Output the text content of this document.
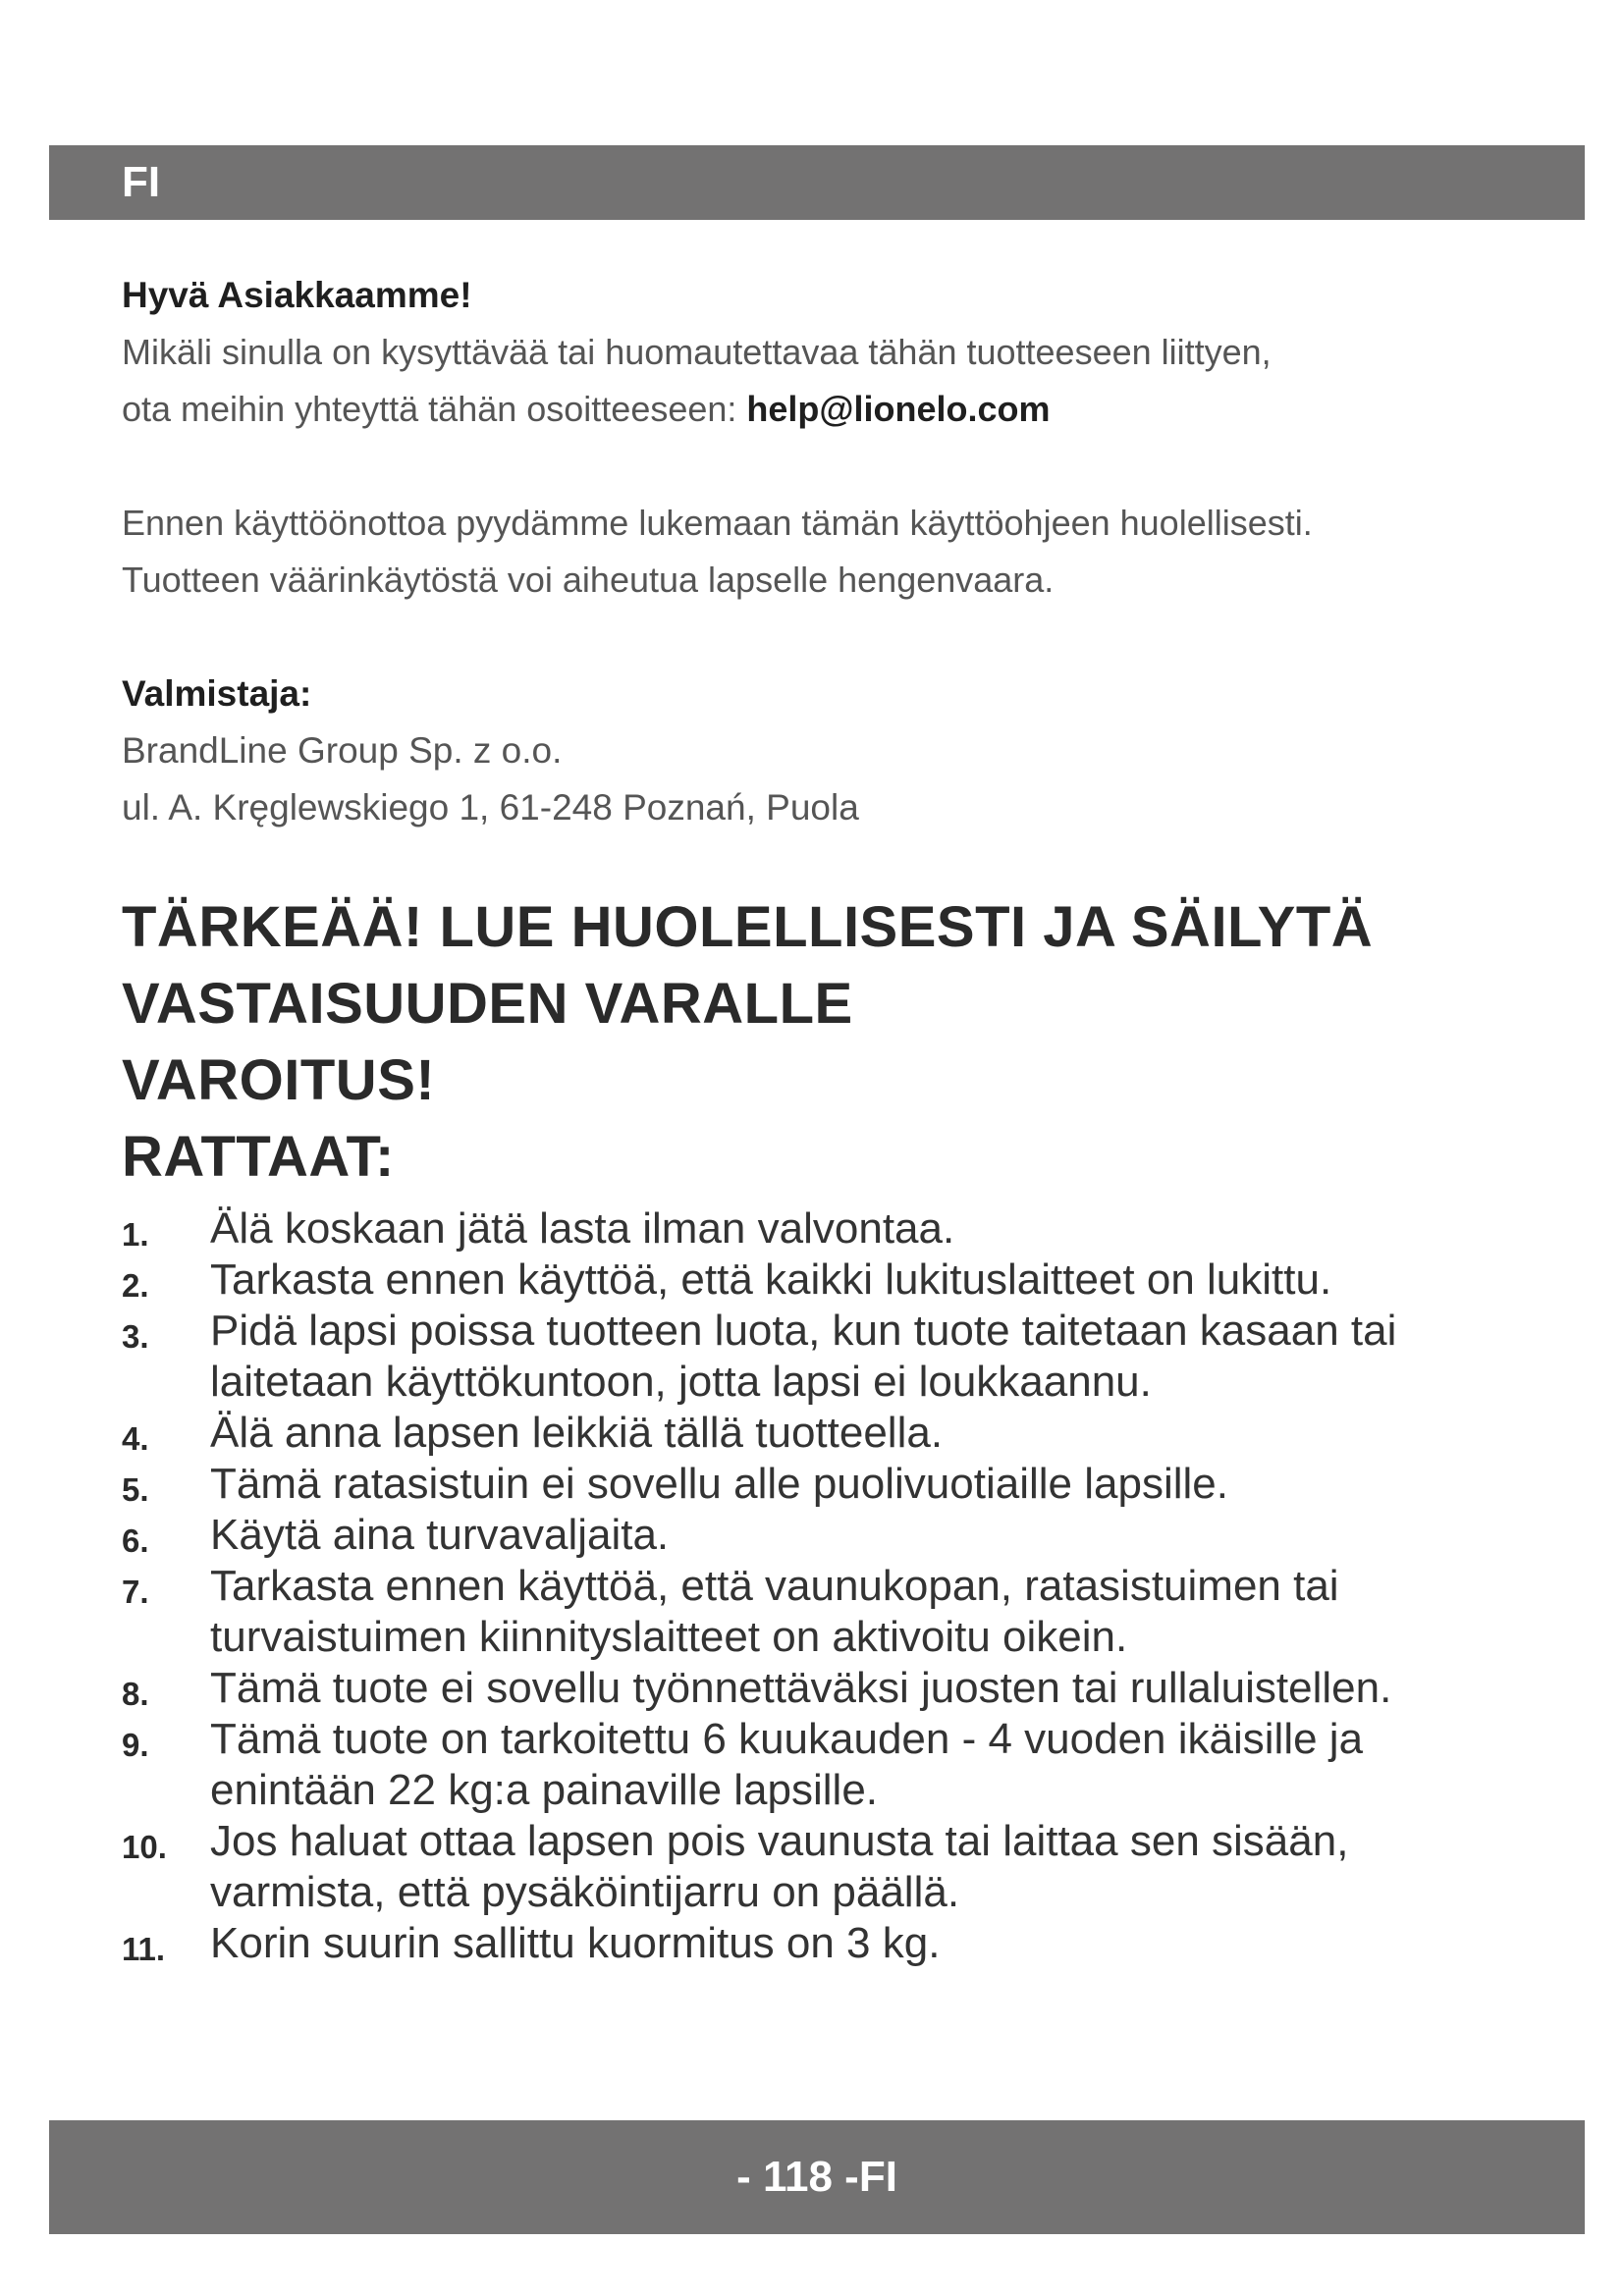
FI

Hyvä Asiakkaamme!

Mikäli sinulla on kysyttävää tai huomautettavaa tähän tuotteeseen liittyen,

ota meihin yhteyttä tähän osoitteeseen: help@lionelo.com

Ennen käyttöönottoa pyydämme lukemaan tämän käyttöohjeen huolellisesti.

Tuotteen väärinkäytöstä voi aiheutua lapselle hengenvaara.

Valmistaja:

BrandLine Group Sp. z o.o.

ul. A. Kręglewskiego 1, 61-248 Poznań, Puola

TÄRKEÄÄ! LUE HUOLELLISESTI JA SÄILYTÄ

VASTAISUUDEN VARALLE

VAROITUS!

RATTAAT:

1. Älä koskaan jätä lasta ilman valvontaa.
2. Tarkasta ennen käyttöä, että kaikki lukituslaitteet on lukittu.
3. Pidä lapsi poissa tuotteen luota, kun tuote taitetaan kasaan tai laitetaan käyttökuntoon, jotta lapsi ei loukkaannu.
4. Älä anna lapsen leikkiä tällä tuotteella.
5. Tämä ratasistuin ei sovellu alle puolivuotiaille lapsille.
6. Käytä aina turvavaljaita.
7. Tarkasta ennen käyttöä, että vaunukopan, ratasistuimen tai turvaistuimen kiinnityslaitteet on aktivoitu oikein.
8. Tämä tuote ei sovellu työnnettäväksi juosten tai rullaluistellen.
9. Tämä tuote on tarkoitettu 6 kuukauden - 4 vuoden ikäisille ja enintään 22 kg:a painaville lapsille.
10. Jos haluat ottaa lapsen pois vaunusta tai laittaa sen sisään, varmista, että pysäköintijarru on päällä.
11. Korin suurin sallittu kuormitus on 3 kg.
- 118 -FI
